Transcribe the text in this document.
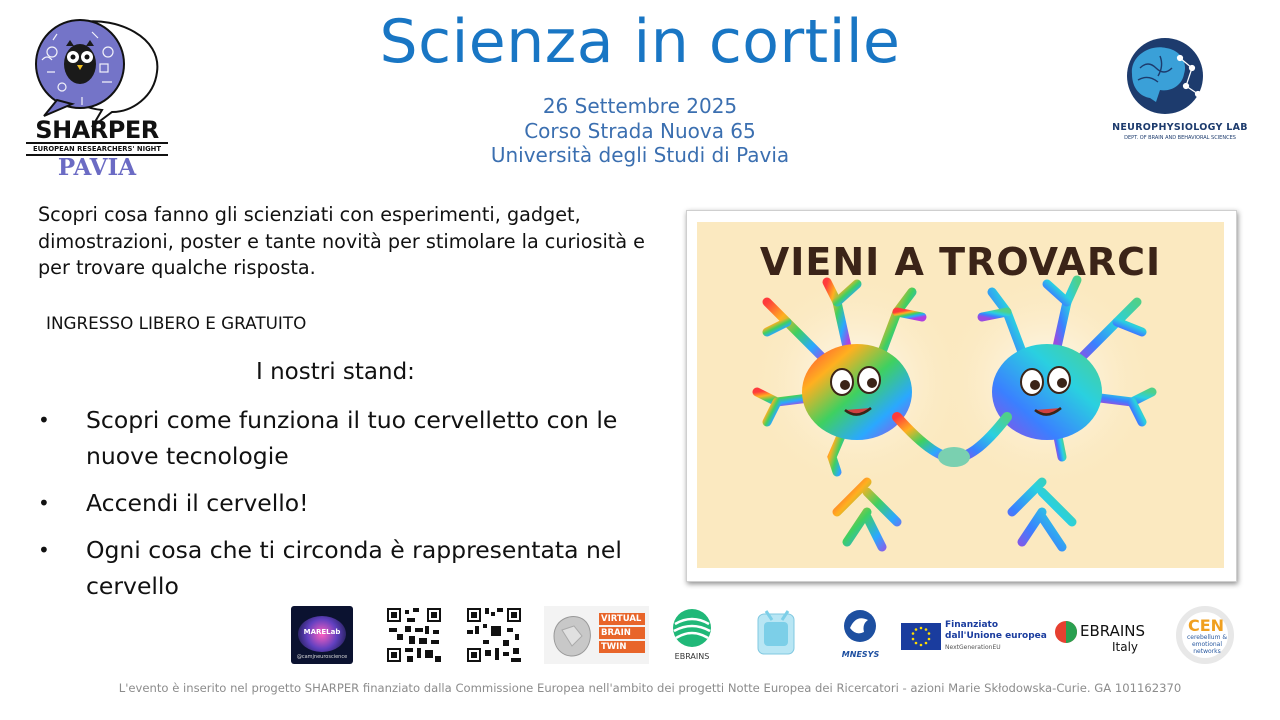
SHARPER
EUROPEAN RESEARCHERS' NIGHT
PAVIA
Scienza in cortile
26 Settembre 2025
Corso Strada Nuova 65
Università degli Studi di Pavia
NEUROPHYSIOLOGY LAB
DEPT. OF BRAIN AND BEHAVIORAL SCIENCES
Scopri cosa fanno gli scienziati con esperimenti, gadget, dimostrazioni, poster e tante novità per stimolare la curiosità e per trovare qualche risposta.
INGRESSO LIBERO E GRATUITO
I nostri stand:
• Scopri come funziona il tuo cervelletto con le nuove tecnologie
• Accendi il cervello!
• Ogni cosa che ti circonda è rappresentata nel cervello
VIENI A TROVARCI
MARELab
@camjneuroscience
VIRTUAL
BRAIN
TWIN
EBRAINS	MNESYS
Finanziato
dall'Unione europea
NextGenerationEU
EBRAINS
Italy
CEN
cerebellum & emotional networks
L'evento è inserito nel progetto SHARPER finanziato dalla Commissione Europea nell'ambito dei progetti Notte Europea dei Ricercatori - azioni Marie Skłodowska-Curie. GA 101162370
